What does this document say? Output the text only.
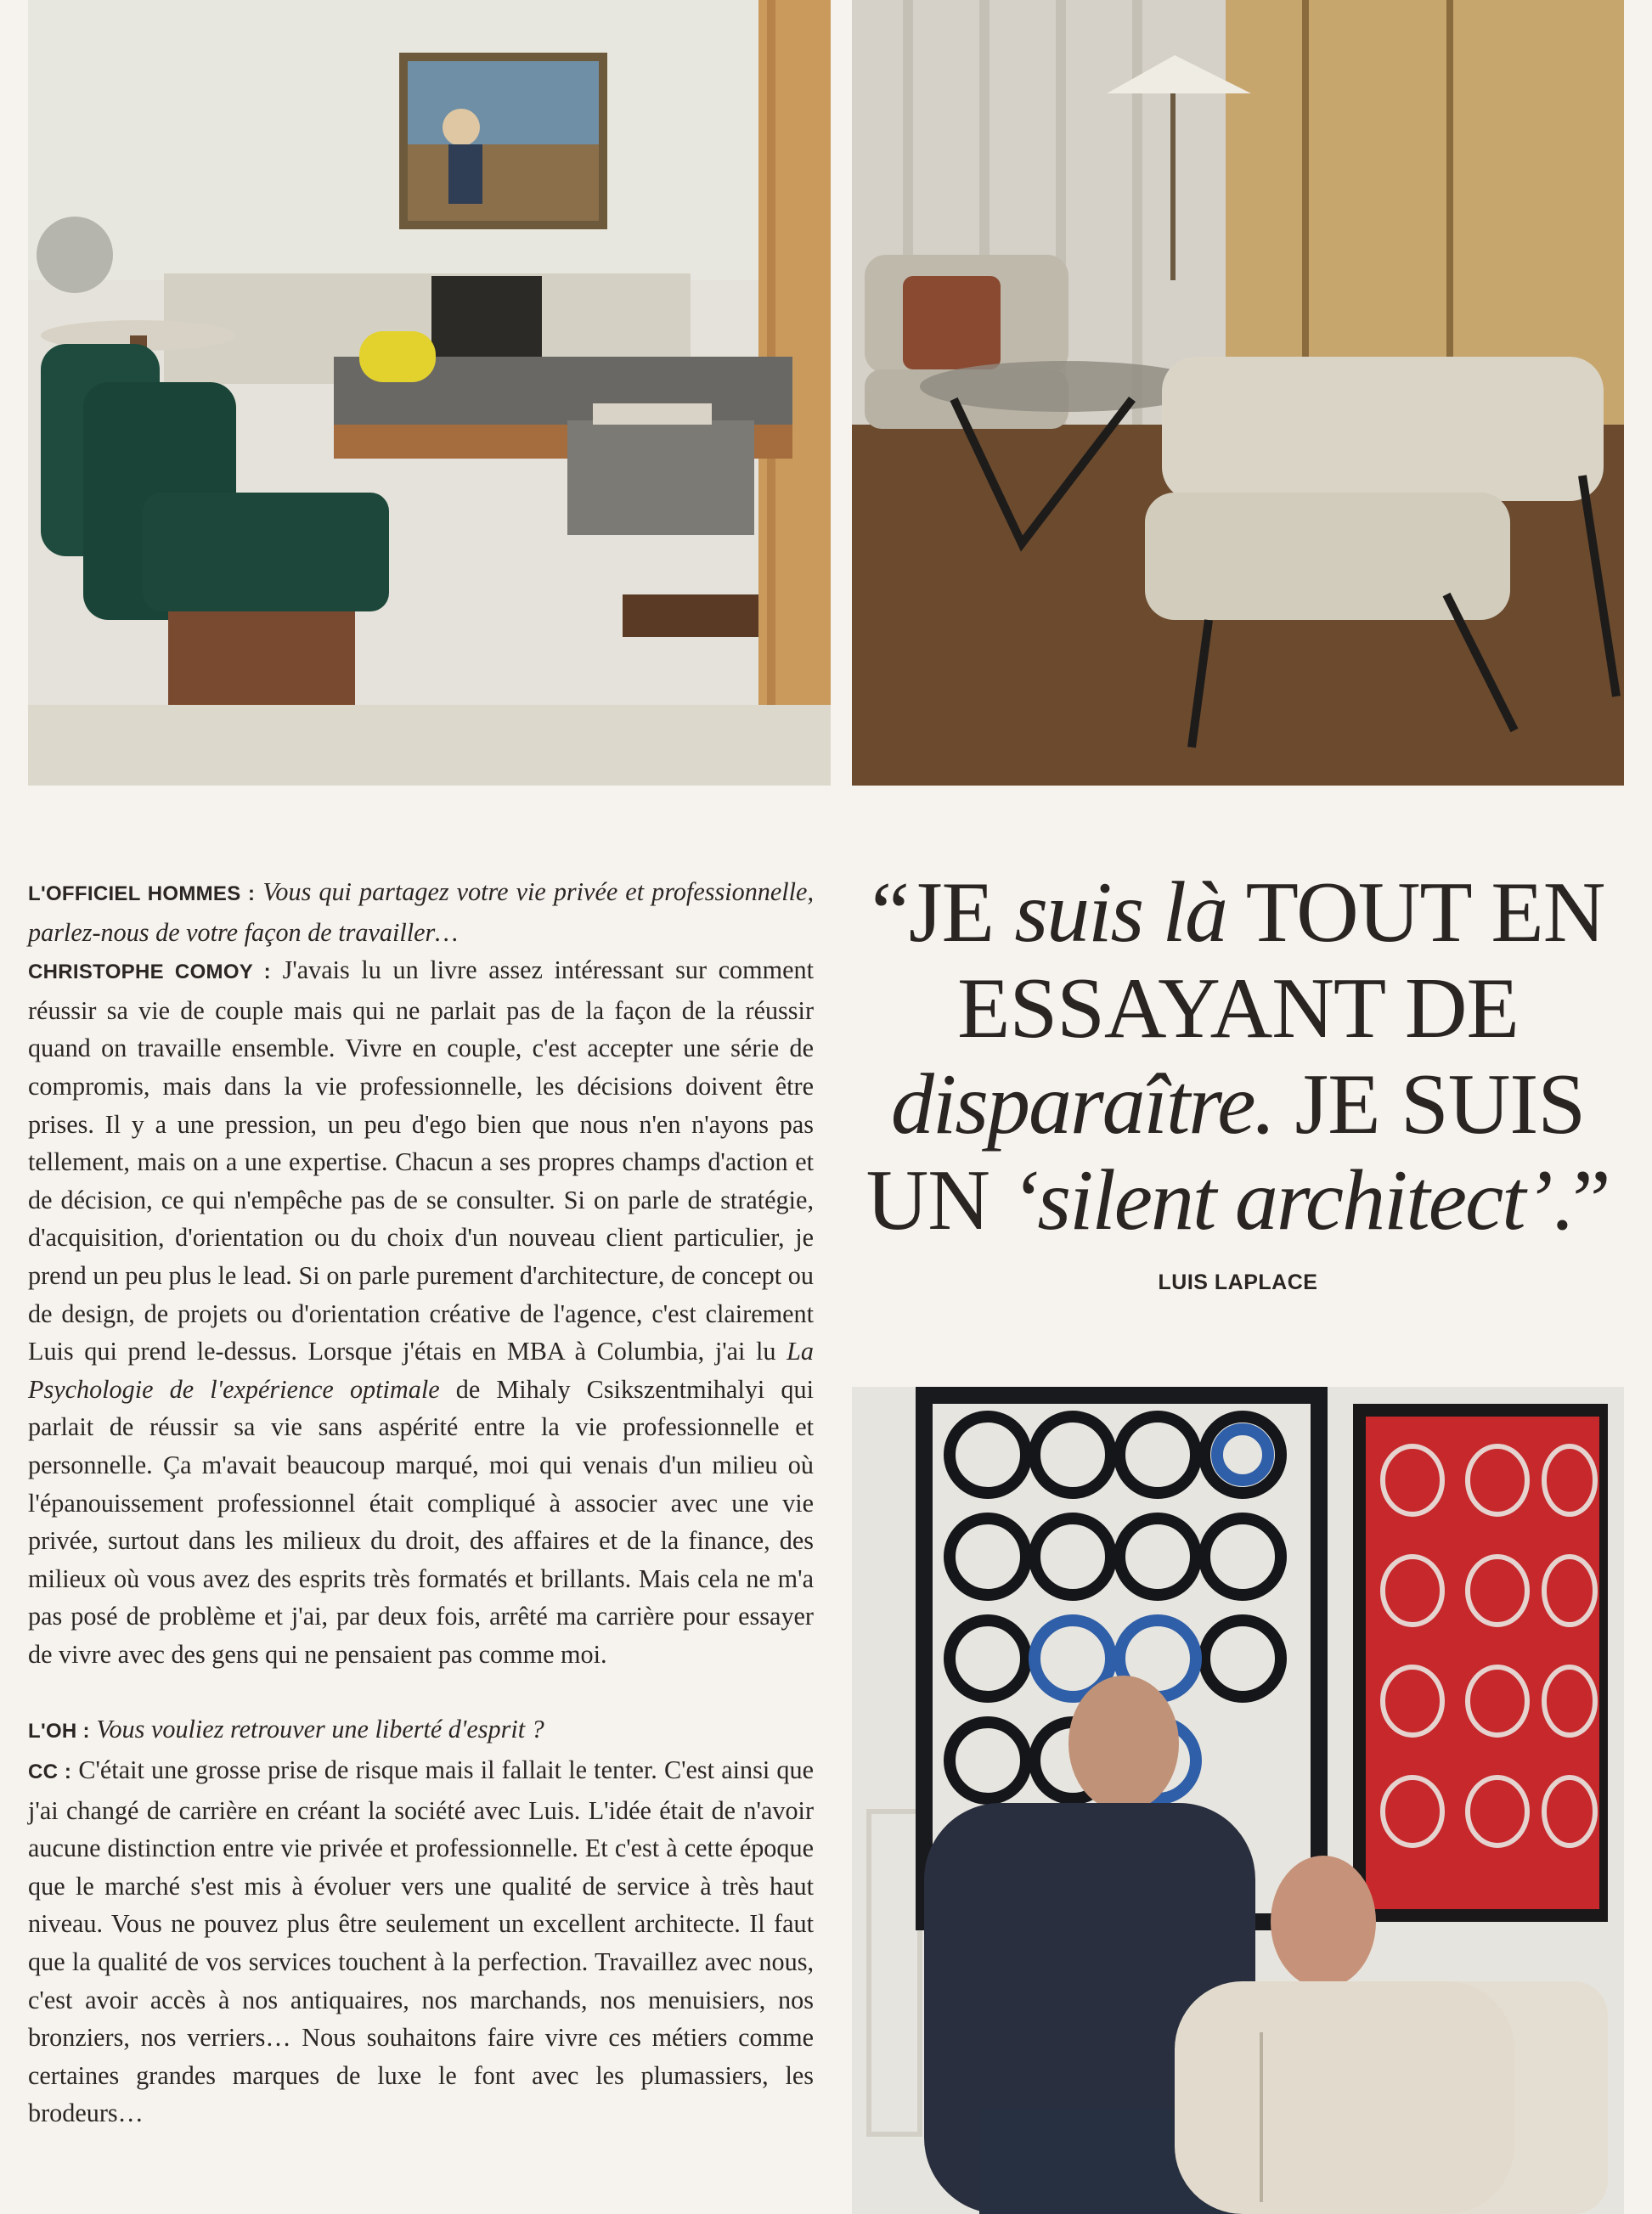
L'OFFICIEL HOMMES : Vous qui partagez votre vie privée et professionnelle, parlez-nous de votre façon de travailler…
CHRISTOPHE COMOY : J'avais lu un livre assez intéressant sur comment réussir sa vie de couple mais qui ne parlait pas de la façon de la réussir quand on travaille ensemble. Vivre en couple, c'est accepter une série de compromis, mais dans la vie professionnelle, les décisions doivent être prises. Il y a une pression, un peu d'ego bien que nous n'en n'ayons pas tellement, mais on a une expertise. Chacun a ses propres champs d'action et de décision, ce qui n'empêche pas de se consulter. Si on parle de stratégie, d'acquisition, d'orientation ou du choix d'un nouveau client particulier, je prend un peu plus le lead. Si on parle purement d'architecture, de concept ou de design, de projets ou d'orientation créative de l'agence, c'est clairement Luis qui prend le-dessus. Lorsque j'étais en MBA à Columbia, j'ai lu La Psychologie de l'expérience optimale de Mihaly Csikszentmihalyi qui parlait de réussir sa vie sans aspérité entre la vie professionnelle et personnelle. Ça m'avait beaucoup marqué, moi qui venais d'un milieu où l'épanouissement professionnel était compliqué à associer avec une vie privée, surtout dans les milieux du droit, des affaires et de la finance, des milieux où vous avez des esprits très formatés et brillants. Mais cela ne m'a pas posé de problème et j'ai, par deux fois, arrêté ma carrière pour essayer de vivre avec des gens qui ne pensaient pas comme moi.

L'OH : Vous vouliez retrouver une liberté d'esprit ?
CC : C'était une grosse prise de risque mais il fallait le tenter. C'est ainsi que j'ai changé de carrière en créant la société avec Luis. L'idée était de n'avoir aucune distinction entre vie privée et professionnelle. Et c'est à cette époque que le marché s'est mis à évoluer vers une qualité de service à très haut niveau. Vous ne pouvez plus être seulement un excellent architecte. Il faut que la qualité de vos services touchent à la perfection. Travaillez avec nous, c'est avoir accès à nos antiquaires, nos marchands, nos menuisiers, nos bronziers, nos verriers… Nous souhaitons faire vivre ces métiers comme certaines grandes marques de luxe le font avec les plumassiers, les brodeurs…

“JE suis là TOUT EN ESSAYANT DE disparaître. JE SUIS UN ‘silent architect’.”

LUIS LAPLACE
